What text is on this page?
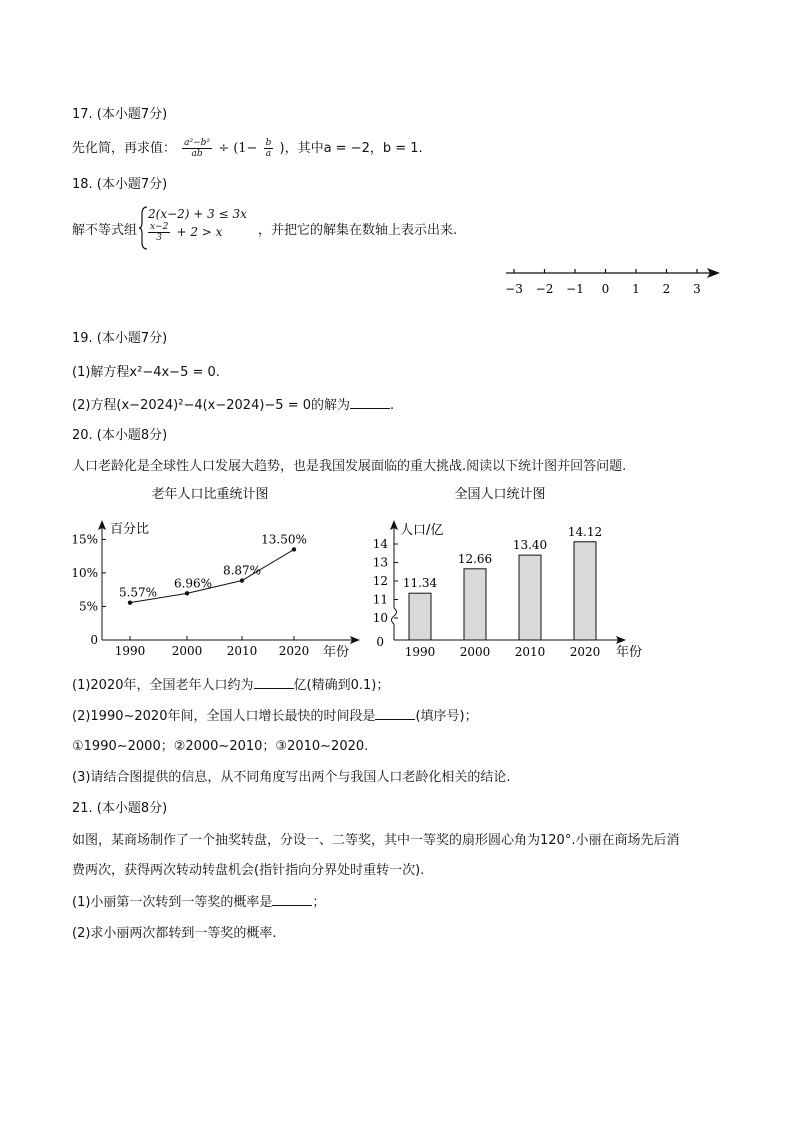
17. (本小题7分)
先化简，再求值： $\frac{\text{a²−b²}}{ab} \div (1- \frac{b}{a}$ )，其中a = −2，b = 1.
18. (本小题7分)
解不等式组
2(x−2) + 3 ≤ 3x
$\frac{x-2}{3} + 2 > x$	，并把它的解集在数轴上表示出来.
−3 −2 −1 0 1 2 3
19. (本小题7分)
(1)解方程x²−4x−5 = 0.
(2)方程(x−2024)²−4(x−2024)−5 = 0的解为	.
20. (本小题8分)
人口老龄化是全球性人口发展大趋势，也是我国发展面临的重大挑战.阅读以下统计图并回答问题.
老年人口比重统计图
百分比
年份
0
5%
10%
15%
1990 2000 2010 2020
5.57%
6.96%
8.87%
13.50%
全国人口统计图
人口/亿
年份
0
10
11
12
13
14
11.34
12.66
13.40
14.12
1990 2000 2010 2020
(1)2020年，全国老年人口约为	亿(精确到0.1)；
(2)1990∼2020年间，全国人口增长最快的时间段是	(填序号)；
①1990∼2000；②2000∼2010；③2010∼2020.
(3)请结合图提供的信息，从不同角度写出两个与我国人口老龄化相关的结论.
21. (本小题8分)
如图，某商场制作了一个抽奖转盘，分设一、二等奖，其中一等奖的扇形圆心角为120°.小丽在商场先后消
费两次，获得两次转动转盘机会(指针指向分界处时重转一次).
(1)小丽第一次转到一等奖的概率是	；
(2)求小丽两次都转到一等奖的概率.
